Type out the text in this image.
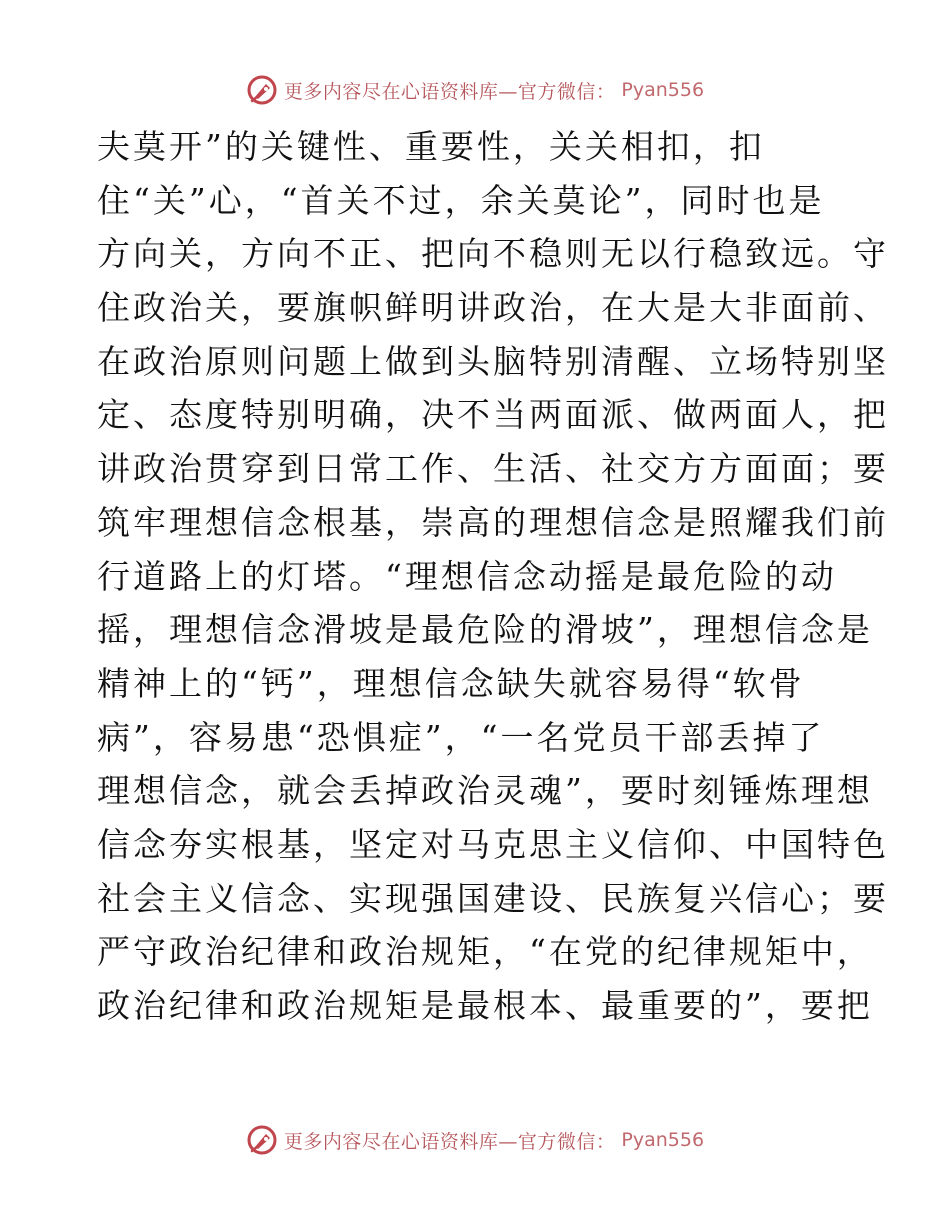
更多内容尽在心语资料库—官方微信： Pyan556
夫莫开”的关键性、重要性，关关相扣，扣
住“关”心，“首关不过，余关莫论”，同时也是
方向关，方向不正、把向不稳则无以行稳致远。守
住政治关，要旗帜鲜明讲政治，在大是大非面前、
在政治原则问题上做到头脑特别清醒、立场特别坚
定、态度特别明确，决不当两面派、做两面人，把
讲政治贯穿到日常工作、生活、社交方方面面；要
筑牢理想信念根基，崇高的理想信念是照耀我们前
行道路上的灯塔。“理想信念动摇是最危险的动
摇，理想信念滑坡是最危险的滑坡”，理想信念是
精神上的“钙”，理想信念缺失就容易得“软骨
病”，容易患“恐惧症”，“一名党员干部丢掉了
理想信念，就会丢掉政治灵魂”，要时刻锤炼理想
信念夯实根基，坚定对马克思主义信仰、中国特色
社会主义信念、实现强国建设、民族复兴信心；要
严守政治纪律和政治规矩，“在党的纪律规矩中，
政治纪律和政治规矩是最根本、最重要的”，要把
更多内容尽在心语资料库—官方微信： Pyan556
